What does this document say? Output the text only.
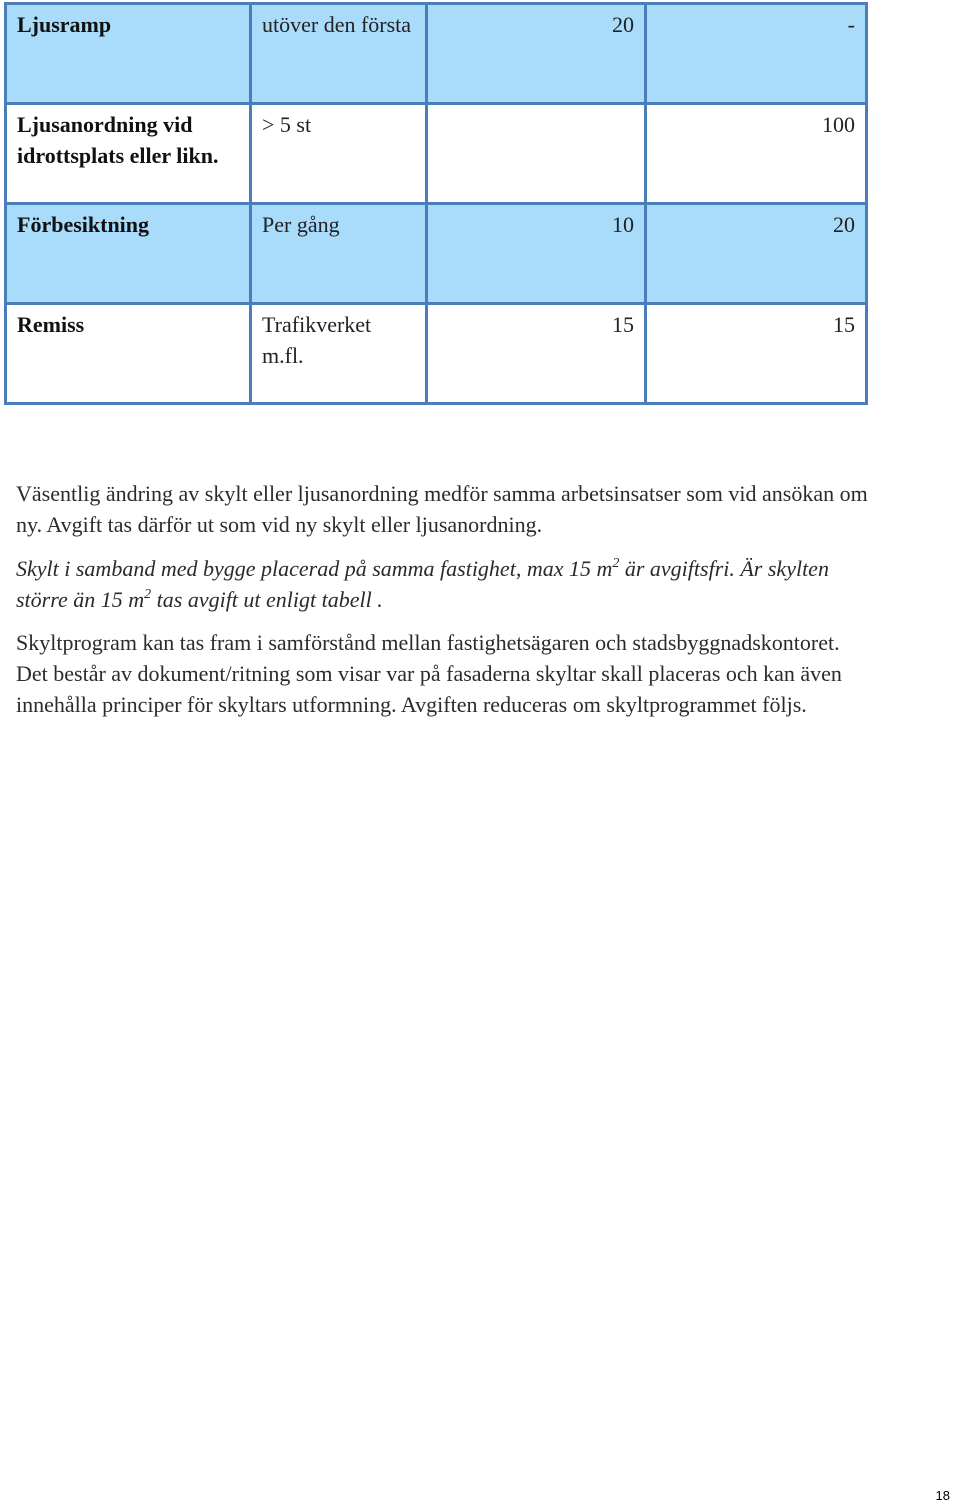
Ljusramp	utöver den första	20	-
Ljusanordning vid idrottsplats eller likn.	> 5 st		100
Förbesiktning	Per gång	10	20
Remiss	Trafikverket m.fl.	15	15

Väsentlig ändring av skylt eller ljusanordning medför samma arbetsinsatser som vid ansökan om ny. Avgift tas därför ut som vid ny skylt eller ljusanordning.

Skylt i samband med bygge placerad på samma fastighet, max 15 $m^2$ är avgiftsfri. Är skylten större än 15 $m^2$ tas avgift ut enligt tabell .

Skyltprogram kan tas fram i samförstånd mellan fastighetsägaren och stadsbyggnadskontoret. Det består av dokument/ritning som visar var på fasaderna skyltar skall placeras och kan även innehålla principer för skyltars utformning. Avgiften reduceras om skyltprogrammet följs.

18
